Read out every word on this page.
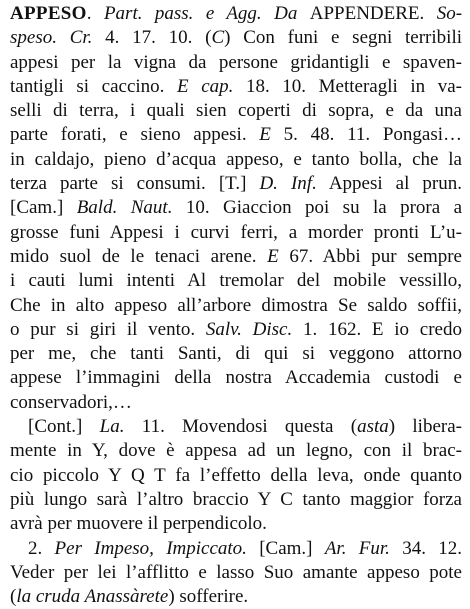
APPESO. Part. pass. e Agg. Da APPENDERE. So-
speso. Cr. 4. 17. 10. (C) Con funi e segni terribili
appesi per la vigna da persone gridantigli e spaven-
tantigli si caccino. E cap. 18. 10. Metteragli in va-
selli di terra, i quali sien coperti di sopra, e da una
parte forati, e sieno appesi. E 5. 48. 11. Pongasi…
in caldajo, pieno d’acqua appeso, e tanto bolla, che la
terza parte si consumi. [T.] D. Inf. Appesi al prun.
[Cam.] Bald. Naut. 10. Giaccion poi su la prora a
grosse funi Appesi i curvi ferri, a morder pronti L’u-
mido suol de le tenaci arene. E 67. Abbi pur sempre
i cauti lumi intenti Al tremolar del mobile vessillo,
Che in alto appeso all’arbore dimostra Se saldo soffii,
o pur si giri il vento. Salv. Disc. 1. 162. E io credo
per me, che tanti Santi, di qui si veggono attorno
appese l’immagini della nostra Accademia custodi e
conservadori,…
[Cont.] La. 11. Movendosi questa (asta) libera-
mente in Y, dove è appesa ad un legno, con il brac-
cio piccolo Y Q T fa l’effetto della leva, onde quanto
più lungo sarà l’altro braccio Y C tanto maggior forza
avrà per muovere il perpendicolo.
2. Per Impeso, Impiccato. [Cam.] Ar. Fur. 34. 12.
Veder per lei l’afflitto e lasso Suo amante appeso pote
(la cruda Anassàrete) sofferire.
